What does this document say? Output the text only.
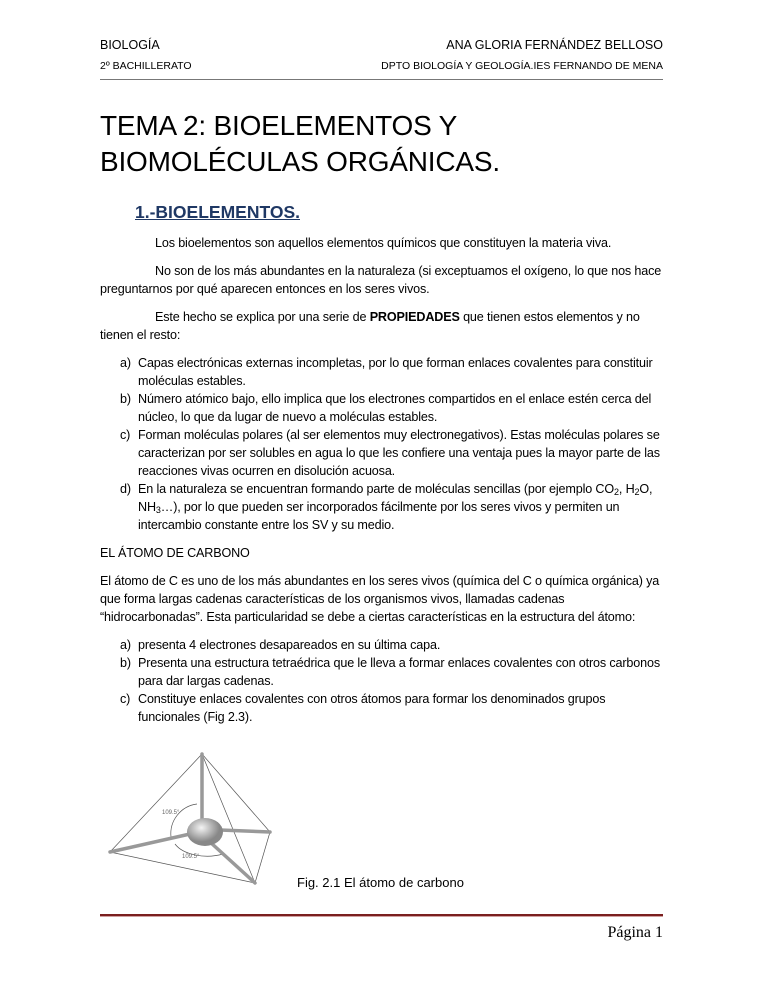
BIOLOGÍA	ANA GLORIA FERNÁNDEZ BELLOSO
2º BACHILLERATO	DPTO BIOLOGÍA Y GEOLOGÍA.IES FERNANDO DE MENA
TEMA 2: BIOELEMENTOS Y BIOMOLÉCULAS ORGÁNICAS.
1.-BIOELEMENTOS.

Los bioelementos son aquellos elementos químicos que constituyen la materia viva.

No son de los más abundantes en la naturaleza (si exceptuamos el oxígeno, lo que nos hace preguntarnos por qué aparecen entonces en los seres vivos.

Este hecho se explica por una serie de PROPIEDADES que tienen estos elementos y no tienen el resto:

a) Capas electrónicas externas incompletas, por lo que forman enlaces covalentes para constituir moléculas estables.
b) Número atómico bajo, ello implica que los electrones compartidos en el enlace estén cerca del núcleo, lo que da lugar de nuevo a moléculas estables.
c) Forman moléculas polares (al ser elementos muy electronegativos). Estas moléculas polares se caracterizan por ser solubles en agua lo que les confiere una ventaja pues la mayor parte de las reacciones vivas ocurren en disolución acuosa.
d) En la naturaleza se encuentran formando parte de moléculas sencillas (por ejemplo $CO_2$, $H_2O$, $NH_3\dots$), por lo que pueden ser incorporados fácilmente por los seres vivos y permiten un intercambio constante entre los SV y su medio.

EL ÁTOMO DE CARBONO

El átomo de C es uno de los más abundantes en los seres vivos (química del C o química orgánica) ya que forma largas cadenas características de los organismos vivos, llamadas cadenas “hidrocarbonadas”. Esta particularidad se debe a ciertas características en la estructura del átomo:

a) presenta 4 electrones desapareados en su última capa.
b) Presenta una estructura tetraédrica que le lleva a formar enlaces covalentes con otros carbonos para dar largas cadenas.
c) Constituye enlaces covalentes con otros átomos para formar los denominados grupos funcionales (Fig 2.3).
109.5°
109.5°
Fig. 2.1 El átomo de carbono
Página 1
